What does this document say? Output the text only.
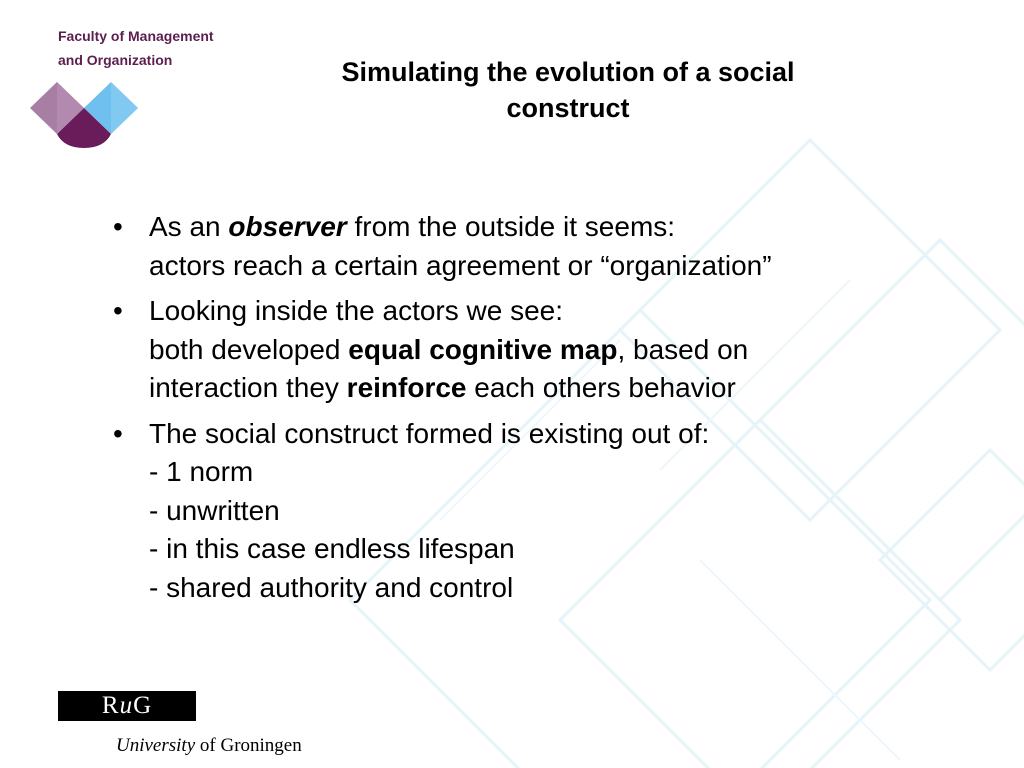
Faculty of Management
and Organization	Simulating the evolution of a social
construct
• As an observer from the outside it seems:
actors reach a certain agreement or “organization”
• Looking inside the actors we see:
both developed equal cognitive map, based on
interaction they reinforce each others behavior
• The social construct formed is existing out of:
- 1 norm
- unwritten
- in this case endless lifespan
- shared authority and control
RuG
University of Groningen
